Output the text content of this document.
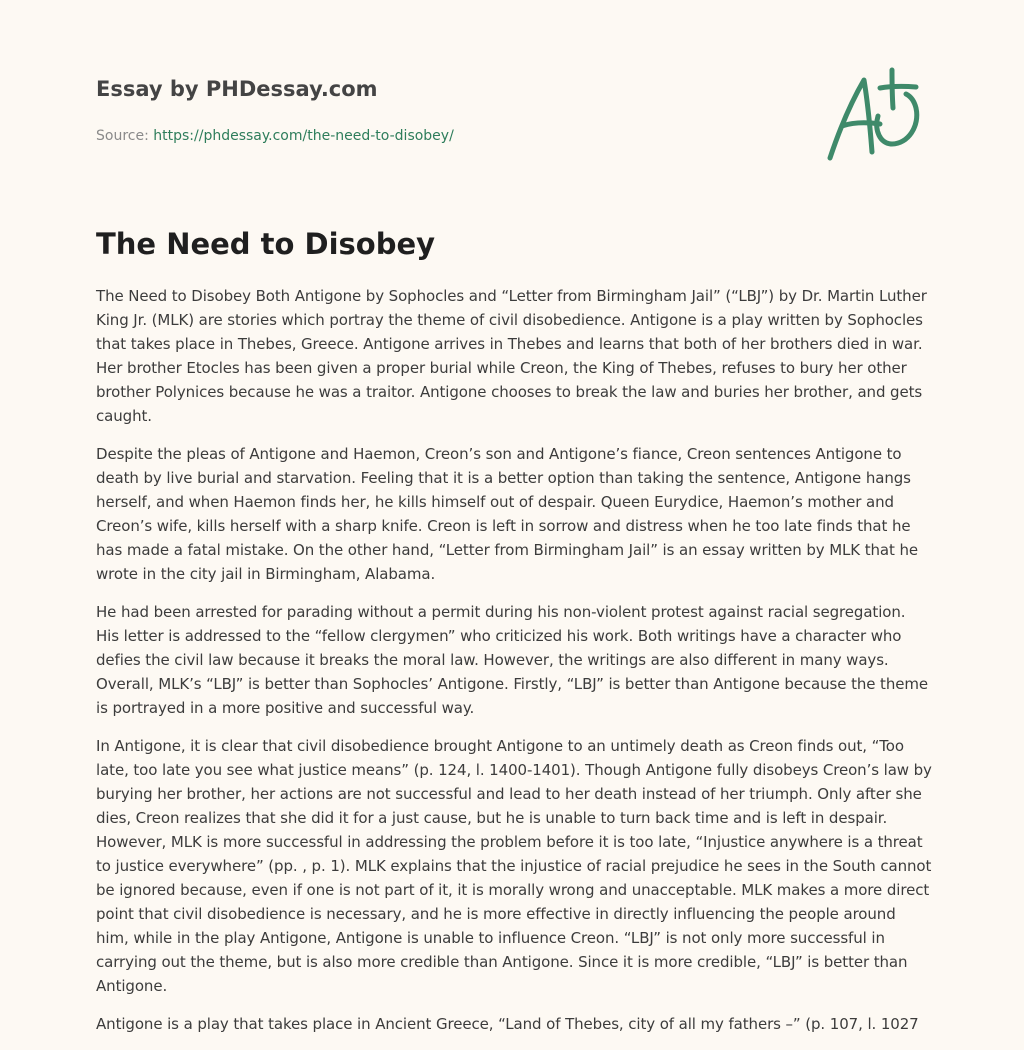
Essay by PHDessay.com
Source: https://phdessay.com/the-need-to-disobey/
The Need to Disobey

The Need to Disobey Both Antigone by Sophocles and “Letter from Birmingham Jail” (“LBJ”) by Dr. Martin Luther King Jr. (MLK) are stories which portray the theme of civil disobedience. Antigone is a play written by Sophocles that takes place in Thebes, Greece. Antigone arrives in Thebes and learns that both of her brothers died in war. Her brother Etocles has been given a proper burial while Creon, the King of Thebes, refuses to bury her other brother Polynices because he was a traitor. Antigone chooses to break the law and buries her brother, and gets caught.

Despite the pleas of Antigone and Haemon, Creon’s son and Antigone’s fiance, Creon sentences Antigone to death by live burial and starvation. Feeling that it is a better option than taking the sentence, Antigone hangs herself, and when Haemon finds her, he kills himself out of despair. Queen Eurydice, Haemon’s mother and Creon’s wife, kills herself with a sharp knife. Creon is left in sorrow and distress when he too late finds that he has made a fatal mistake. On the other hand, “Letter from Birmingham Jail” is an essay written by MLK that he wrote in the city jail in Birmingham, Alabama.

He had been arrested for parading without a permit during his non-violent protest against racial segregation. His letter is addressed to the “fellow clergymen” who criticized his work. Both writings have a character who defies the civil law because it breaks the moral law. However, the writings are also different in many ways. Overall, MLK’s “LBJ” is better than Sophocles’ Antigone. Firstly, “LBJ” is better than Antigone because the theme is portrayed in a more positive and successful way.

In Antigone, it is clear that civil disobedience brought Antigone to an untimely death as Creon finds out, “Too late, too late you see what justice means” (p. 124, l. 1400-1401). Though Antigone fully disobeys Creon’s law by burying her brother, her actions are not successful and lead to her death instead of her triumph. Only after she dies, Creon realizes that she did it for a just cause, but he is unable to turn back time and is left in despair. However, MLK is more successful in addressing the problem before it is too late, “Injustice anywhere is a threat to justice everywhere” (pp. , p. 1). MLK explains that the injustice of racial prejudice he sees in the South cannot be ignored because, even if one is not part of it, it is morally wrong and unacceptable. MLK makes a more direct point that civil disobedience is necessary, and he is more effective in directly influencing the people around him, while in the play Antigone, Antigone is unable to influence Creon. “LBJ” is not only more successful in carrying out the theme, but is also more credible than Antigone. Since it is more credible, “LBJ” is better than Antigone.

Antigone is a play that takes place in Ancient Greece, “Land of Thebes, city of all my fathers –” (p. 107, l. 1027
